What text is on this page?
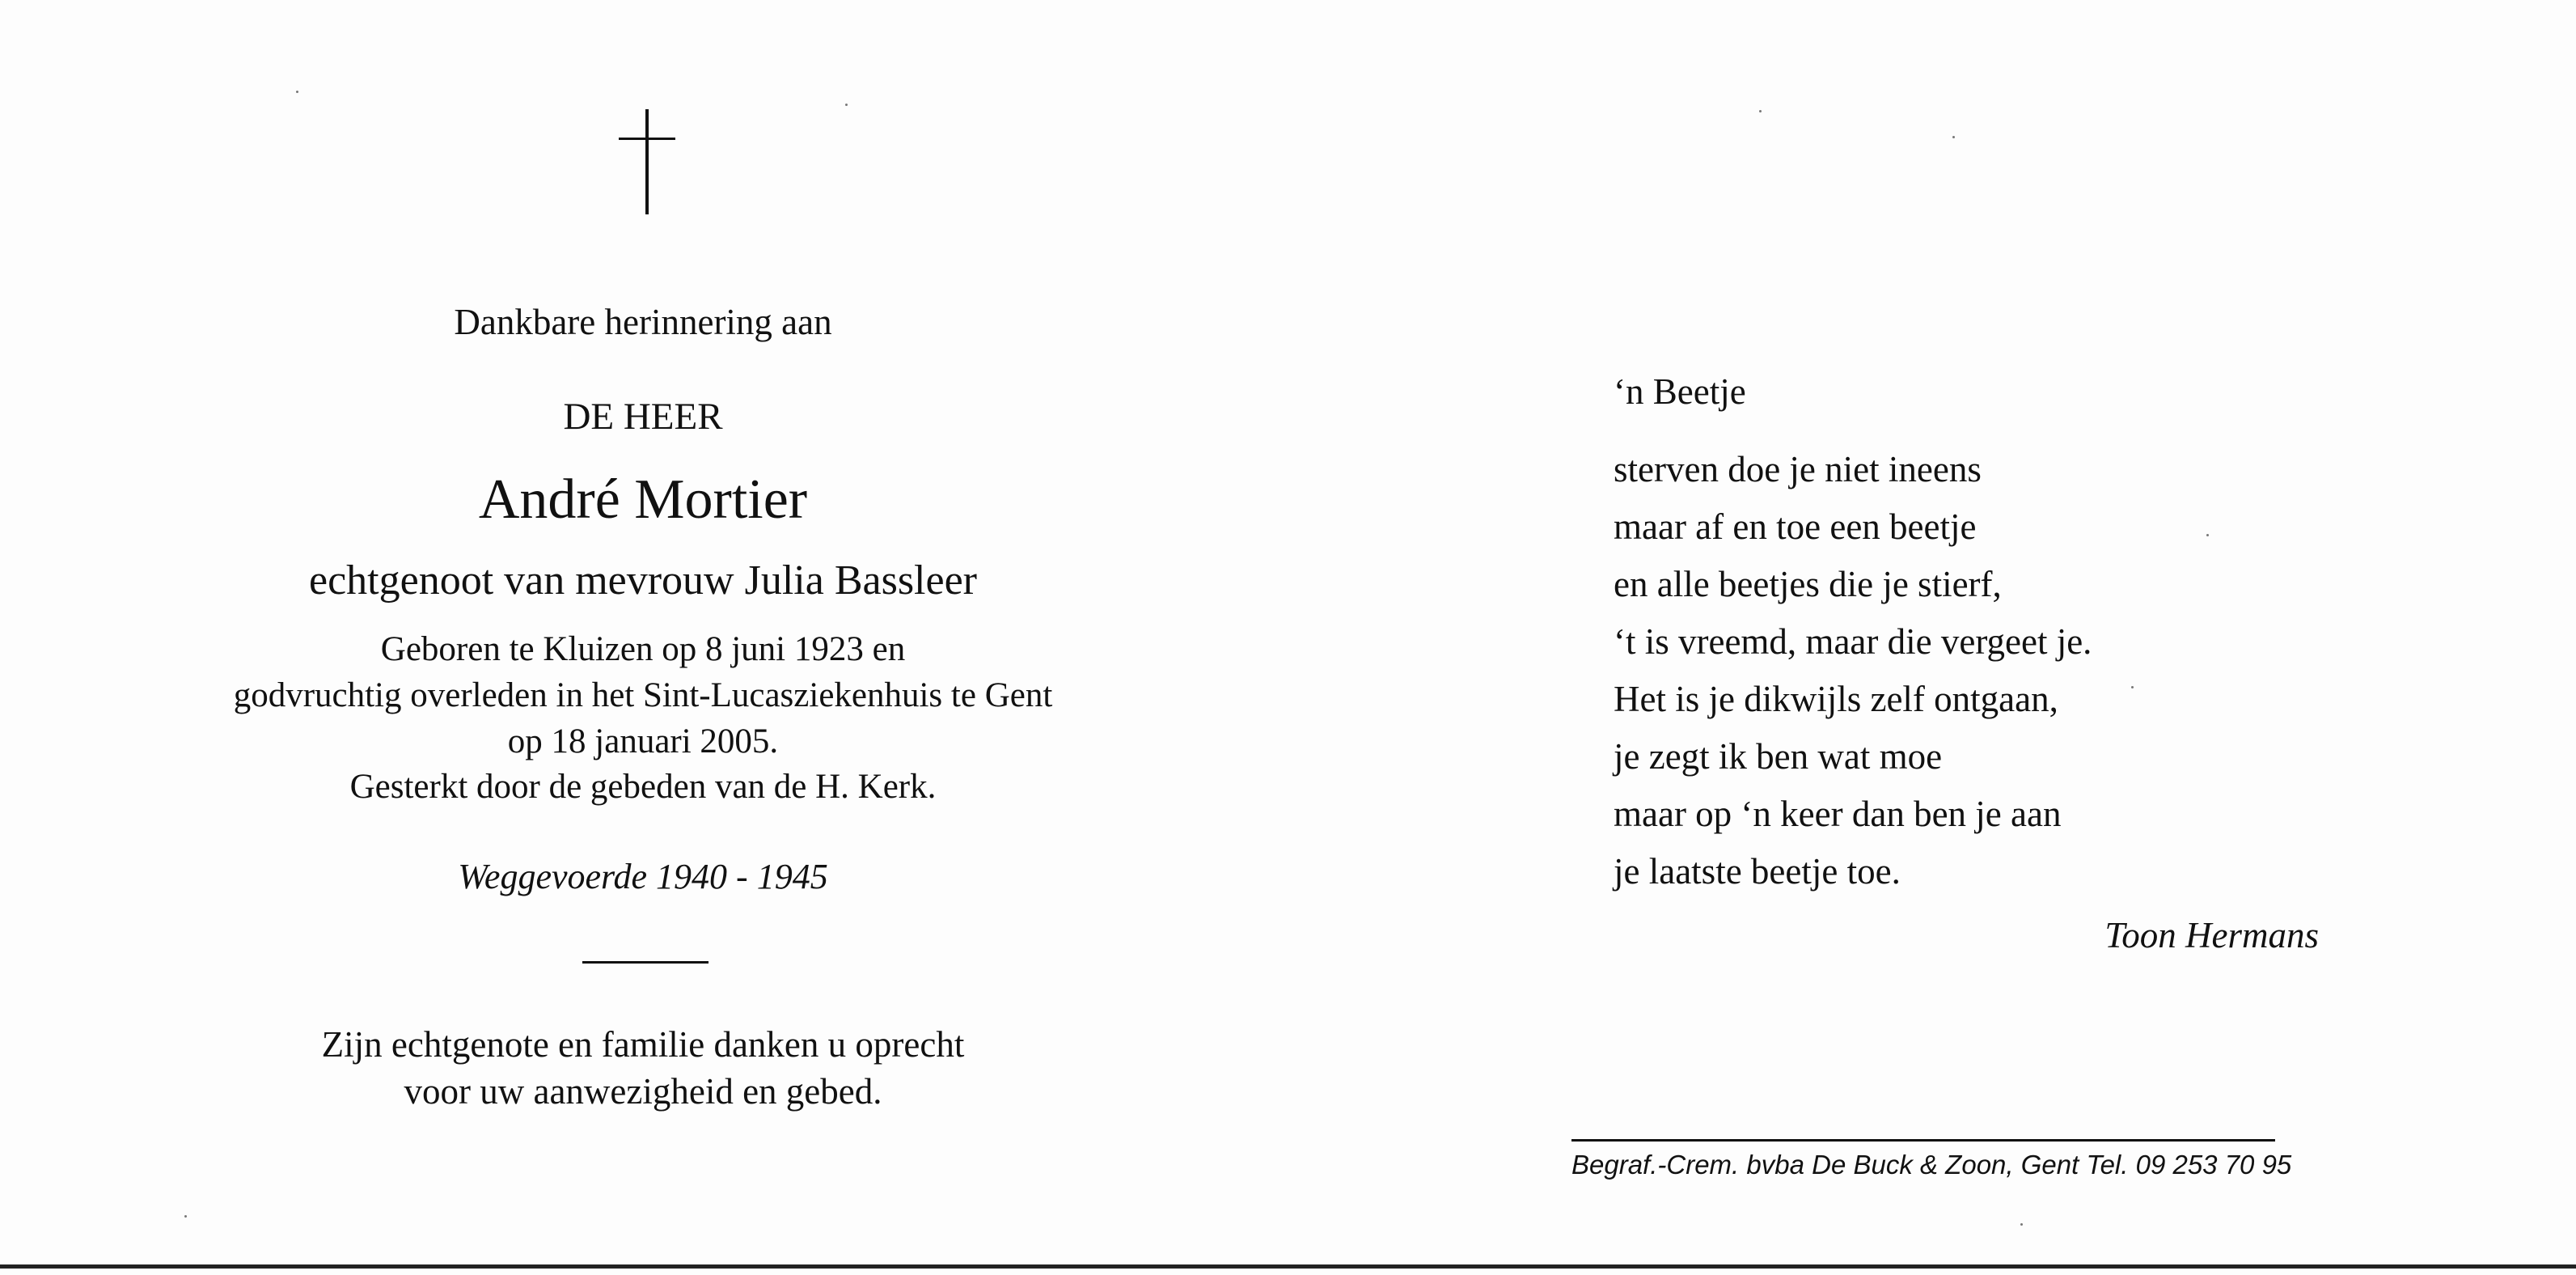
Dankbare herinnering aan
DE HEER
André Mortier
echtgenoot van mevrouw Julia Bassleer
Geboren te Kluizen op 8 juni 1923 en
godvruchtig overleden in het Sint-Lucasziekenhuis te Gent
op 18 januari 2005.
Gesterkt door de gebeden van de H. Kerk.
Weggevoerde 1940 - 1945
Zijn echtgenote en familie danken u oprecht
voor uw aanwezigheid en gebed.
‘n Beetje
sterven doe je niet ineens
maar af en toe een beetje
en alle beetjes die je stierf,
‘t is vreemd, maar die vergeet je.
Het is je dikwijls zelf ontgaan,
je zegt ik ben wat moe
maar op ‘n keer dan ben je aan
je laatste beetje toe.
Toon Hermans
Begraf.-Crem. bvba De Buck & Zoon, Gent Tel. 09 253 70 95
